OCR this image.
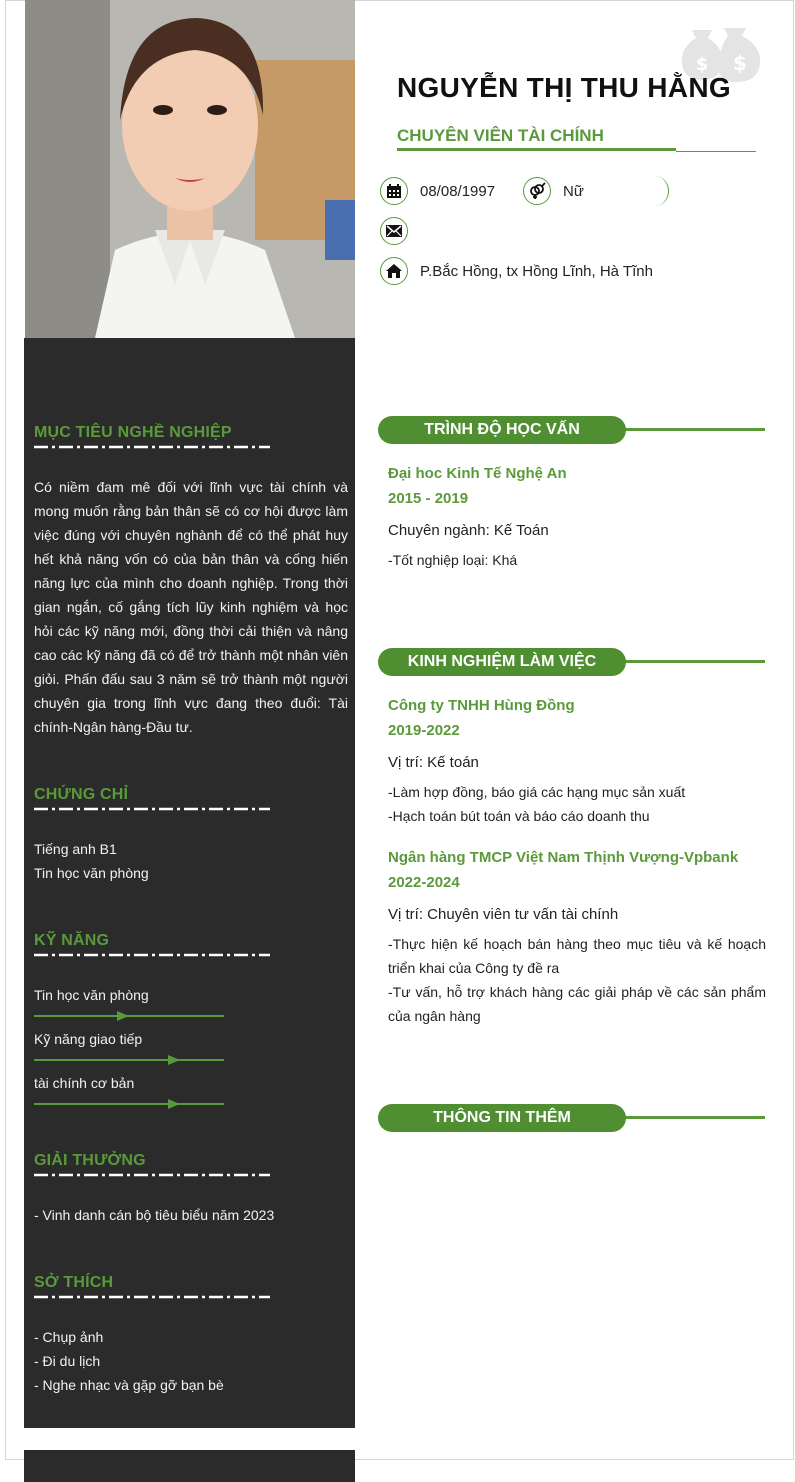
$ $
NGUYỄN THỊ THU HẰNG
CHUYÊN VIÊN TÀI CHÍNH
08/08/1997	Nữ
P.Bắc Hồng, tx Hồng Lĩnh, Hà Tĩnh
MỤC TIÊU NGHỀ NGHIỆP
Có niềm đam mê đối với lĩnh vực tài chính và mong muốn rằng bản thân sẽ có cơ hội được làm việc đúng với chuyên nghành để có thể phát huy hết khả năng vốn có của bản thân và cống hiến năng lực của mình cho doanh nghiệp. Trong thời gian ngắn, cố gắng tích lũy kinh nghiệm và học hỏi các kỹ năng mới, đồng thời cải thiện và nâng cao các kỹ năng đã có để trở thành một nhân viên giỏi. Phấn đấu sau 3 năm sẽ trở thành một người chuyên gia trong lĩnh vực đang theo đuổi: Tài chính-Ngân hàng-Đầu tư.
CHỨNG CHỈ
Tiếng anh B1
Tin học văn phòng
KỸ NĂNG
Tin học văn phòng
Kỹ năng giao tiếp
tài chính cơ bản
GIẢI THƯỞNG
- Vinh danh cán bộ tiêu biểu năm 2023
SỞ THÍCH
- Chụp ảnh
- Đi du lịch
- Nghe nhạc và gặp gỡ bạn bè
TRÌNH ĐỘ HỌC VẤN
Đại hoc Kinh Tế Nghệ An
2015 - 2019
Chuyên ngành: Kế Toán
-Tốt nghiệp loại: Khá
KINH NGHIỆM LÀM VIỆC
Công ty TNHH Hùng Đồng
2019-2022
Vị trí: Kế toán
-Làm hợp đồng, báo giá các hạng mục sản xuất
-Hạch toán bút toán và báo cáo doanh thu
Ngân hàng TMCP Việt Nam Thịnh Vượng-Vpbank
2022-2024
Vị trí: Chuyên viên tư vấn tài chính
-Thực hiện kế hoạch bán hàng theo mục tiêu và kế hoạch triển khai của Công ty đề ra
-Tư vấn, hỗ trợ khách hàng các giải pháp về các sản phẩm của ngân hàng
THÔNG TIN THÊM
